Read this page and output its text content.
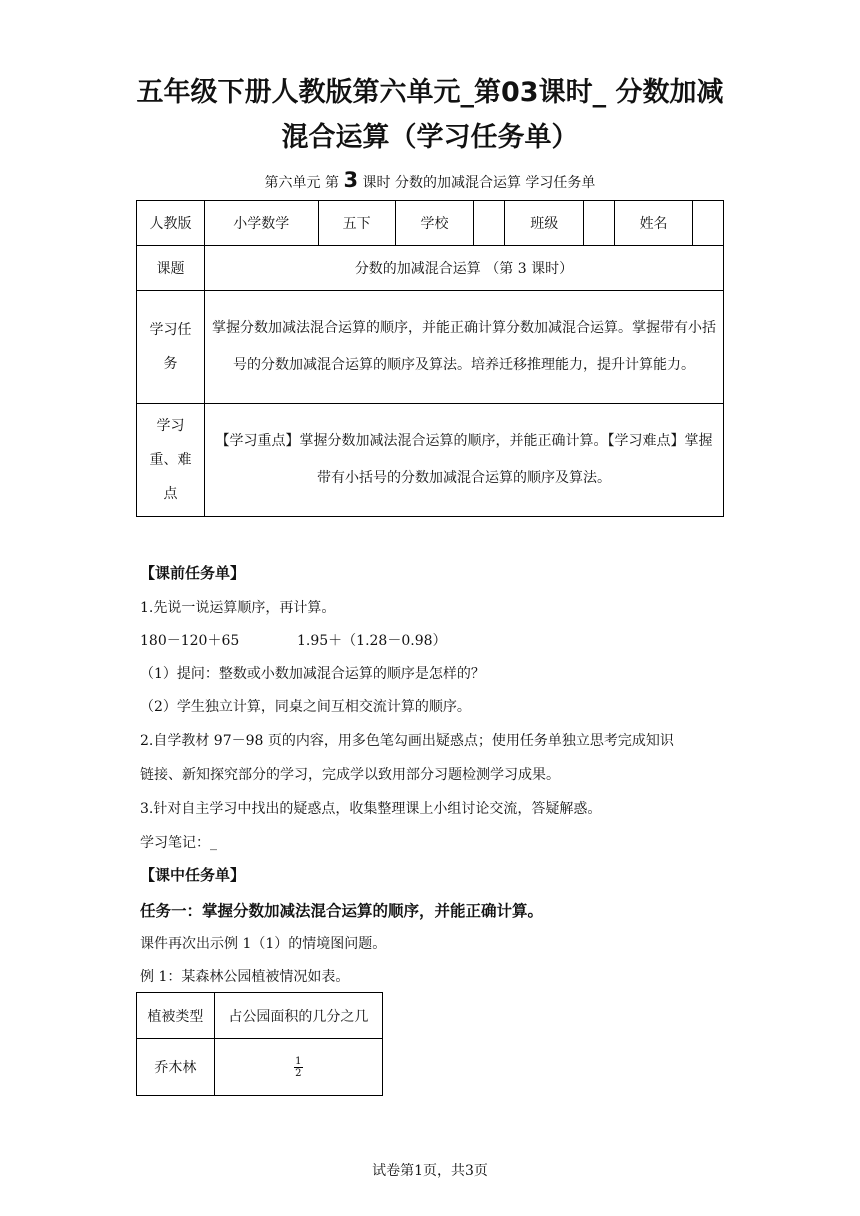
五年级下册人教版第六单元_第03课时_ 分数加减
混合运算（学习任务单）
第六单元 第 3 课时 分数的加减混合运算 学习任务单
人教版	小学数学	五下	学校		班级		姓名	
课题	分数的加减混合运算 （第 3 课时）							
学习任
务	掌握分数加减法混合运算的顺序，并能正确计算分数加减混合运算。掌握带有小括号的分数加减混合运算的顺序及算法。培养迁移推理能力，提升计算能力。							
学习
重、难
点	【学习重点】掌握分数加减法混合运算的顺序，并能正确计算。【学习难点】掌握带有小括号的分数加减混合运算的顺序及算法。							
【课前任务单】
1.先说一说运算顺序，再计算。
180－120＋65	1.95＋（1.28－0.98）
（1）提问：整数或小数加减混合运算的顺序是怎样的？
（2）学生独立计算，同桌之间互相交流计算的顺序。
2.自学教材 97－98 页的内容，用多色笔勾画出疑惑点；使用任务单独立思考完成知识
链接、新知探究部分的学习，完成学以致用部分习题检测学习成果。
3.针对自主学习中找出的疑惑点，收集整理课上小组讨论交流，答疑解惑。
学习笔记：_
【课中任务单】
任务一：掌握分数加减法混合运算的顺序，并能正确计算。
课件再次出示例 1（1）的情境图问题。
例 1：某森林公园植被情况如表。
植被类型	占公园面积的几分之几
乔木林	$\frac{1}{2}$
试卷第1页，共3页
